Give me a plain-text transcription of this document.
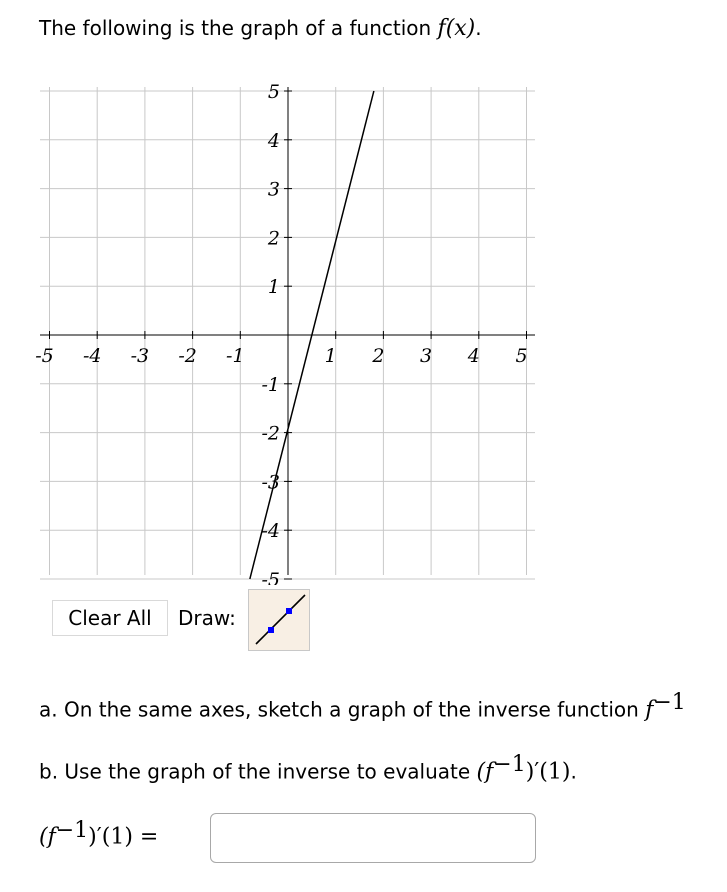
The following is the graph of a function f(x).
-5 -4 -3 -2 -1	1 2 3 4 5
5
4
3
2
1
-1
-2
-3
-4
-5
Clear All	Draw:
a. On the same axes, sketch a graph of the inverse function $f^{-1}$
b. Use the graph of the inverse to evaluate $(f^{-1})'(1)$.
$(f^{-1})'(1)$ =
